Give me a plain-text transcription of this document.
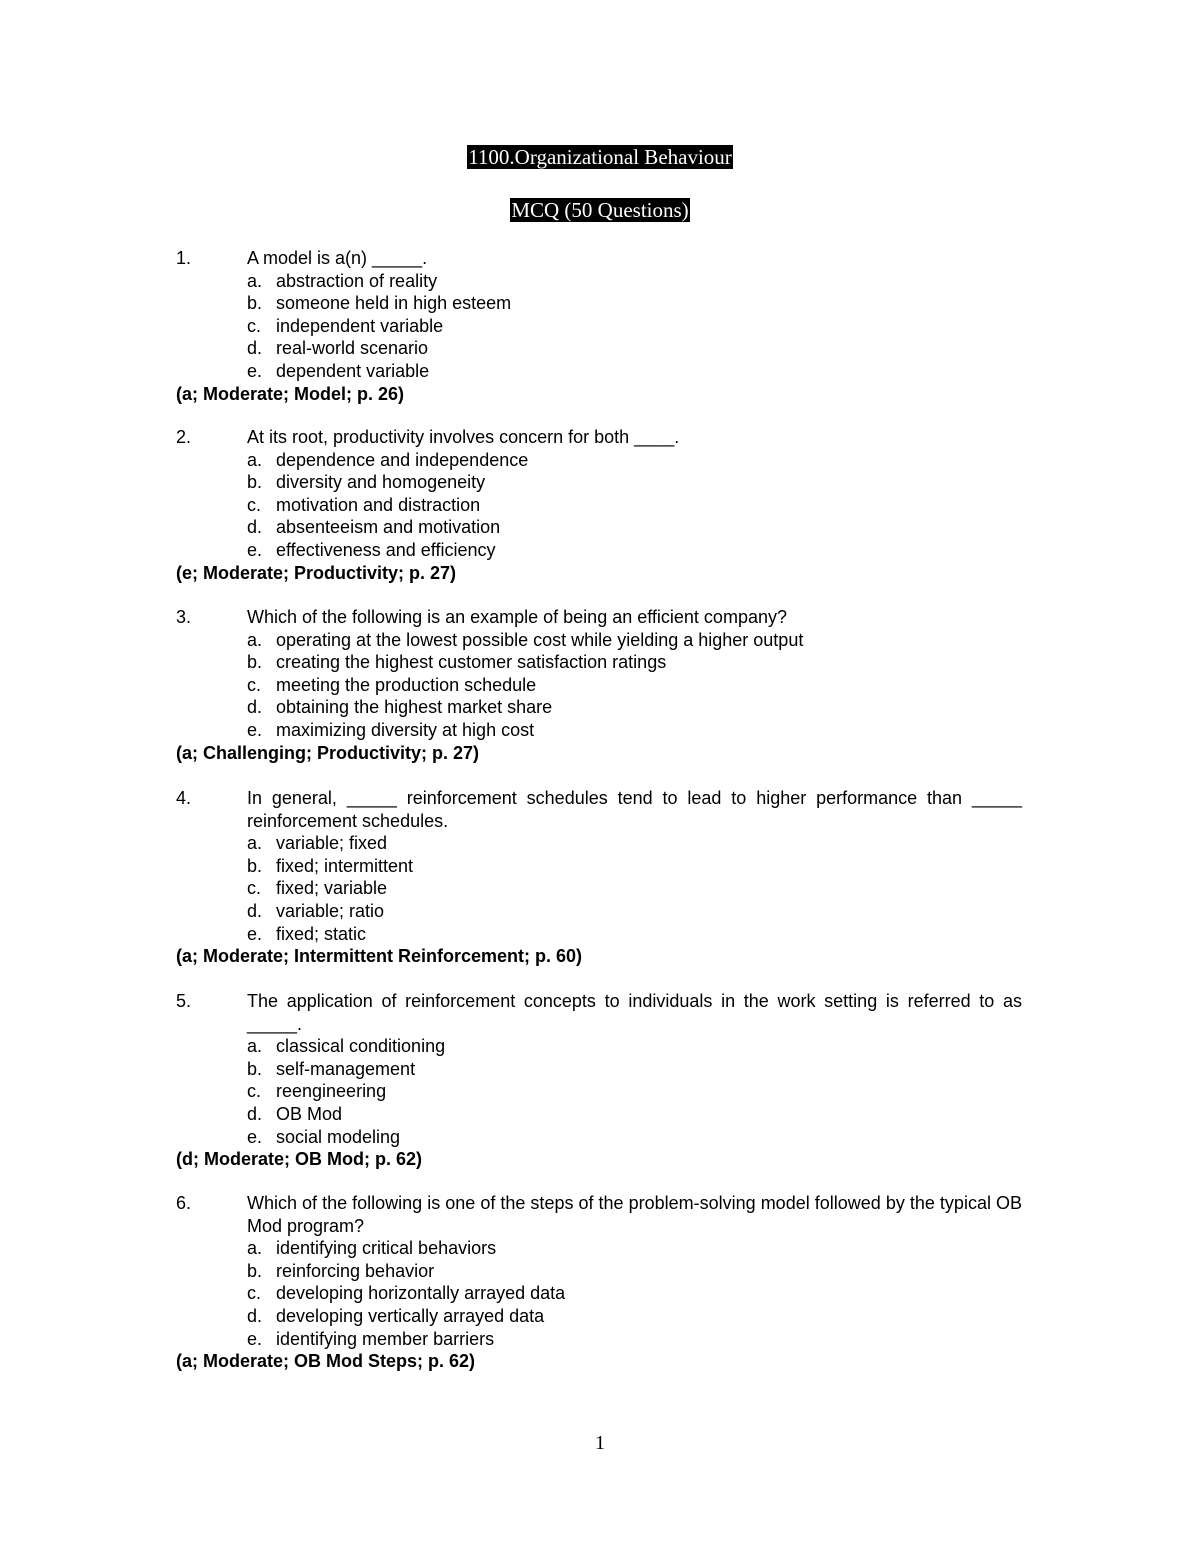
1100.Organizational Behaviour
MCQ (50 Questions)
1.	A model is a(n) _____.
a. abstraction of reality
b. someone held in high esteem
c. independent variable
d. real-world scenario
e. dependent variable
(a; Moderate; Model; p. 26)
2.	At its root, productivity involves concern for both ____.
a. dependence and independence
b. diversity and homogeneity
c. motivation and distraction
d. absenteeism and motivation
e. effectiveness and efficiency
(e; Moderate; Productivity; p. 27)
3.	Which of the following is an example of being an efficient company?
a. operating at the lowest possible cost while yielding a higher output
b. creating the highest customer satisfaction ratings
c. meeting the production schedule
d. obtaining the highest market share
e. maximizing diversity at high cost
(a; Challenging; Productivity; p. 27)
4.	In general, _____ reinforcement schedules tend to lead to higher performance than _____ reinforcement schedules.
a. variable; fixed
b. fixed; intermittent
c. fixed; variable
d. variable; ratio
e. fixed; static
(a; Moderate; Intermittent Reinforcement; p. 60)
5.	The application of reinforcement concepts to individuals in the work setting is referred to as _____.
a. classical conditioning
b. self-management
c. reengineering
d. OB Mod
e. social modeling
(d; Moderate; OB Mod; p. 62)
6.	Which of the following is one of the steps of the problem-solving model followed by the typical OB Mod program?
a. identifying critical behaviors
b. reinforcing behavior
c. developing horizontally arrayed data
d. developing vertically arrayed data
e. identifying member barriers
(a; Moderate; OB Mod Steps; p. 62)
1
